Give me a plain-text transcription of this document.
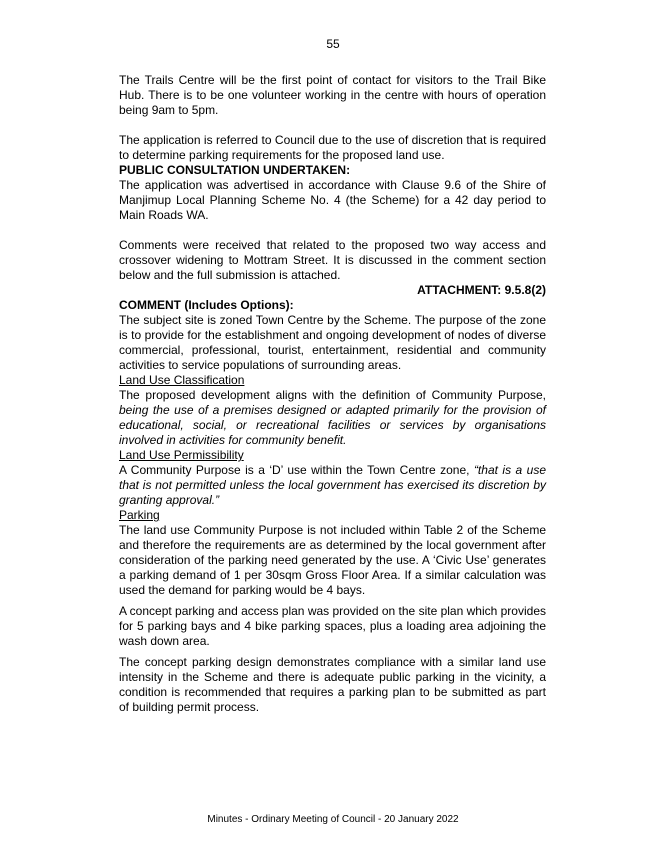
55

The Trails Centre will be the first point of contact for visitors to the Trail Bike Hub. There is to be one volunteer working in the centre with hours of operation being 9am to 5pm.

The application is referred to Council due to the use of discretion that is required to determine parking requirements for the proposed land use.

PUBLIC CONSULTATION UNDERTAKEN:

The application was advertised in accordance with Clause 9.6 of the Shire of Manjimup Local Planning Scheme No. 4 (the Scheme) for a 42 day period to Main Roads WA.

Comments were received that related to the proposed two way access and crossover widening to Mottram Street. It is discussed in the comment section below and the full submission is attached.

ATTACHMENT: 9.5.8(2)
COMMENT (Includes Options):

The subject site is zoned Town Centre by the Scheme. The purpose of the zone is to provide for the establishment and ongoing development of nodes of diverse commercial, professional, tourist, entertainment, residential and community activities to service populations of surrounding areas.

Land Use Classification

The proposed development aligns with the definition of Community Purpose, being the use of a premises designed or adapted primarily for the provision of educational, social, or recreational facilities or services by organisations involved in activities for community benefit.

Land Use Permissibility

A Community Purpose is a ‘D’ use within the Town Centre zone, “that is a use that is not permitted unless the local government has exercised its discretion by granting approval.”

Parking

The land use Community Purpose is not included within Table 2 of the Scheme and therefore the requirements are as determined by the local government after consideration of the parking need generated by the use. A ‘Civic Use’ generates a parking demand of 1 per 30sqm Gross Floor Area. If a similar calculation was used the demand for parking would be 4 bays.

A concept parking and access plan was provided on the site plan which provides for 5 parking bays and 4 bike parking spaces, plus a loading area adjoining the wash down area.

The concept parking design demonstrates compliance with a similar land use intensity in the Scheme and there is adequate public parking in the vicinity, a condition is recommended that requires a parking plan to be submitted as part of building permit process.

Minutes - Ordinary Meeting of Council - 20 January 2022
